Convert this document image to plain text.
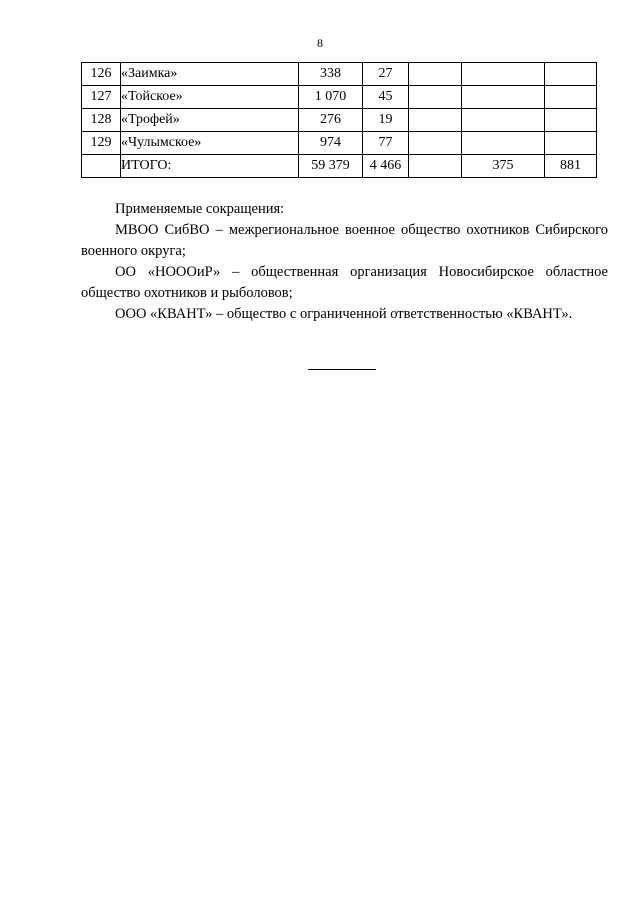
8
126	«Заимка»	338	27			
127	«Тойское»	1 070	45			
128	«Трофей»	276	19			
129	«Чулымское»	974	77			
	ИТОГО:	59 379	4 466		375	881

Применяемые сокращения:

МВОО СибВО – межрегиональное военное общество охотников Сибирского военного округа;

ОО «НОООиР» – общественная организация Новосибирское областное общество охотников и рыболовов;

ООО «КВАНТ» – общество с ограниченной ответственностью «КВАНТ».
